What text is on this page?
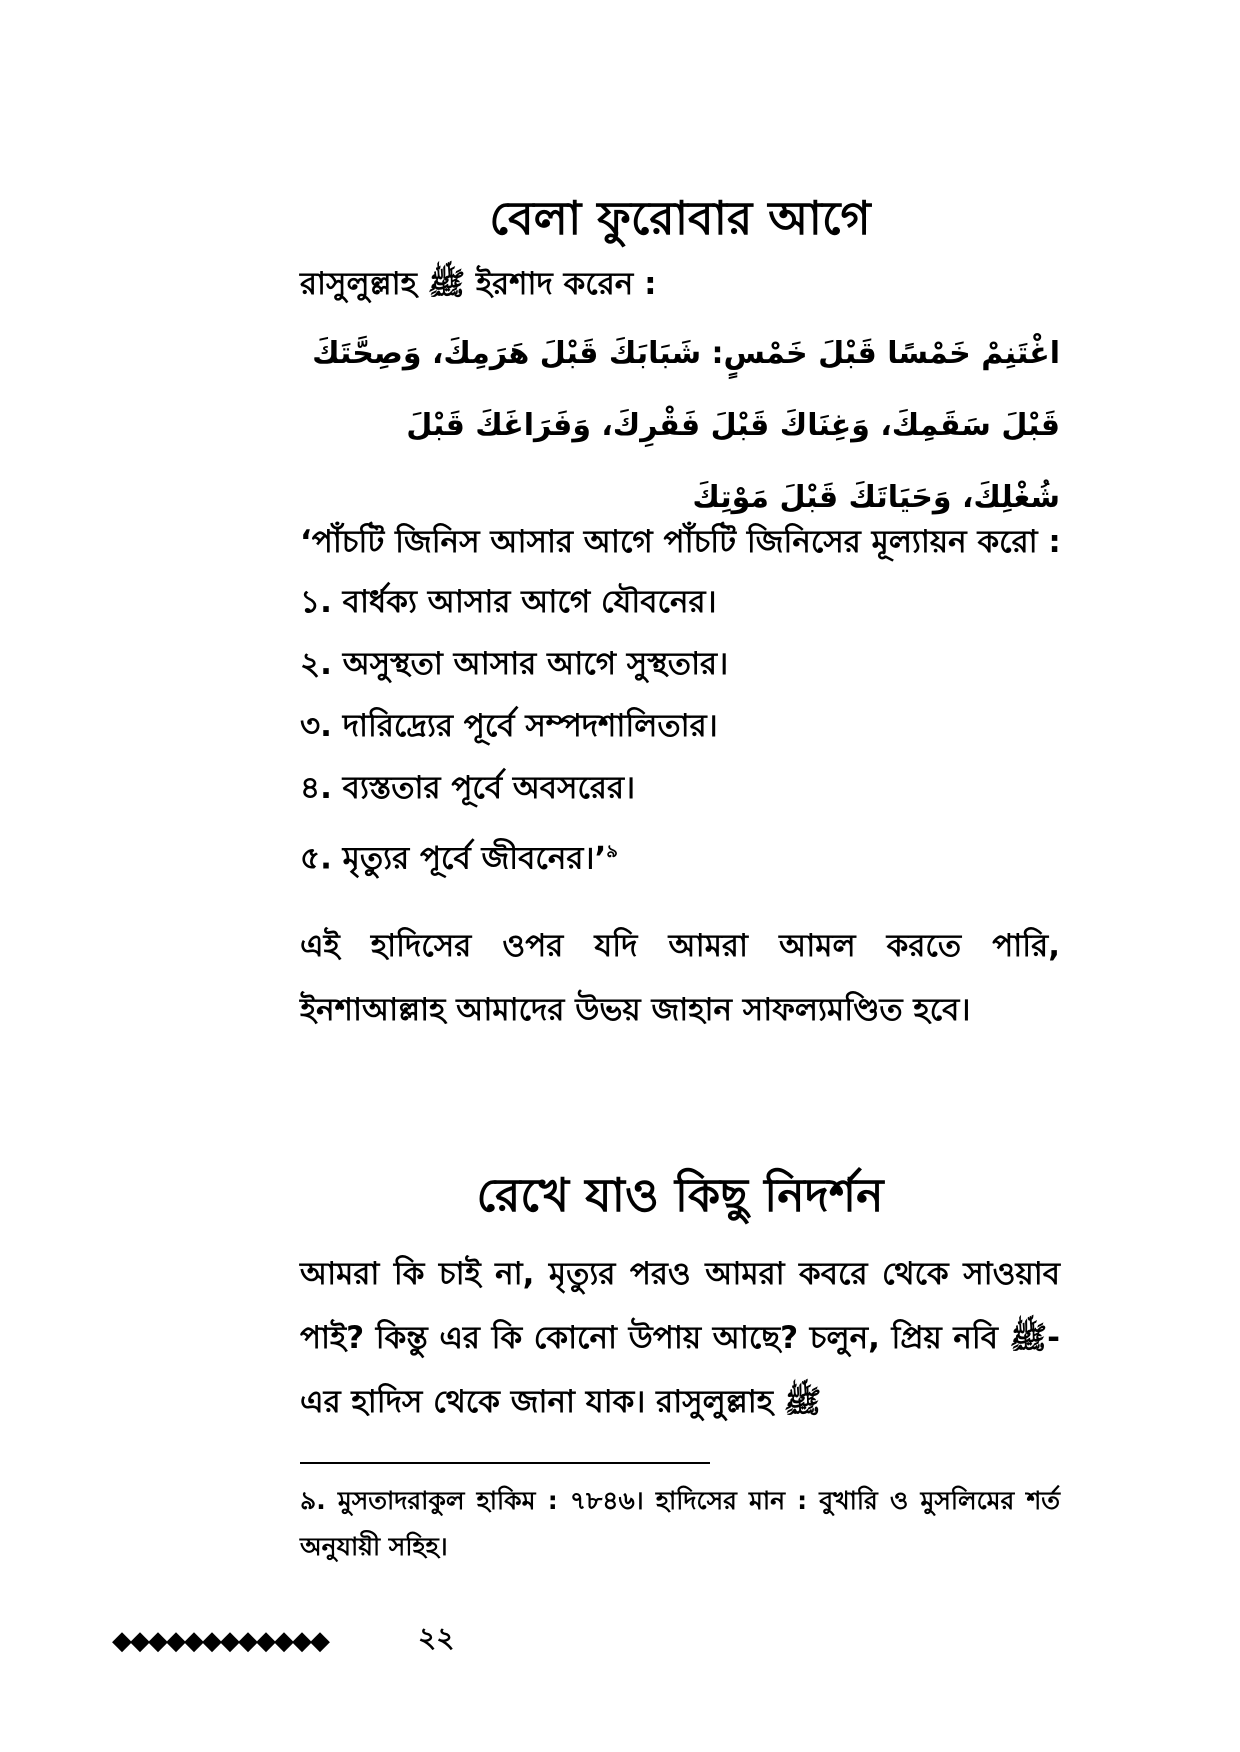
বেলা ফুরোবার আগে
রাসুলুল্লাহ ﷺ ইরশাদ করেন :
اغْتَنِمْ خَمْسًا قَبْلَ خَمْسٍ: شَبَابَكَ قَبْلَ هَرَمِكَ، وَصِحَّتَكَ قَبْلَ سَقَمِكَ، وَغِنَاكَ قَبْلَ فَقْرِكَ، وَفَرَاغَكَ قَبْلَ شُغْلِكَ، وَحَيَاتَكَ قَبْلَ مَوْتِكَ
‘পাঁচটি জিনিস আসার আগে পাঁচটি জিনিসের মূল্যায়ন করো :
১. বার্ধক্য আসার আগে যৌবনের।
২. অসুস্থতা আসার আগে সুস্থতার।
৩. দারিদ্র্যের পূর্বে সম্পদশালিতার।
৪. ব্যস্ততার পূর্বে অবসরের।
৫. মৃত্যুর পূর্বে জীবনের।’$^৯$
এই হাদিসের ওপর যদি আমরা আমল করতে পারি, ইনশাআল্লাহ আমাদের উভয় জাহান সাফল্যমণ্ডিত হবে।
রেখে যাও কিছু নিদর্শন
আমরা কি চাই না, মৃত্যুর পরও আমরা কবরে থেকে সাওয়াব পাই? কিন্তু এর কি কোনো উপায় আছে? চলুন, প্রিয় নবি ﷺ-এর হাদিস থেকে জানা যাক। রাসুলুল্লাহ ﷺ
৯. মুসতাদরাকুল হাকিম : ৭৮৪৬। হাদিসের মান : বুখারি ও মুসলিমের শর্ত অনুযায়ী সহিহ।
◆◆◆◆◆◆◆◆◆◆◆◆	২২
